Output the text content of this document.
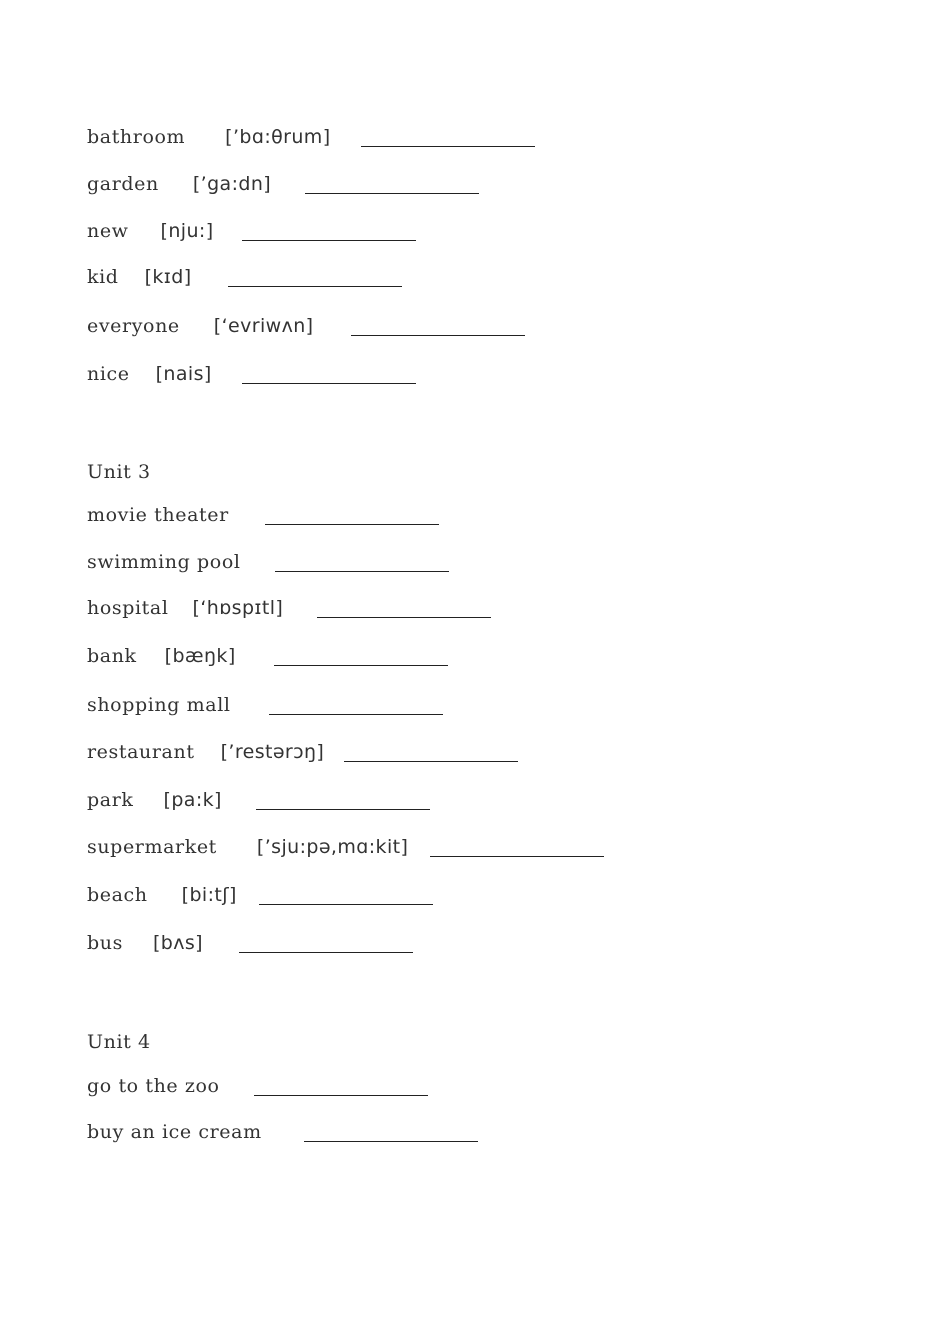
bathroom [’bɑ:θrum]
garden [’ga:dn]
new [nju:]
kid [kɪd]
everyone [‘evriwʌn]
nice [nais]
Unit 3
movie theater
swimming pool
hospital [‘hɒspɪtl]
bank [bæŋk]
shopping mall
restaurant [’restərɔŋ]
park [pa:k]
supermarket [’sju:pə,mɑ:kit]
beach [bi:tʃ]
bus [bʌs]
Unit 4
go to the zoo
buy an ice cream
